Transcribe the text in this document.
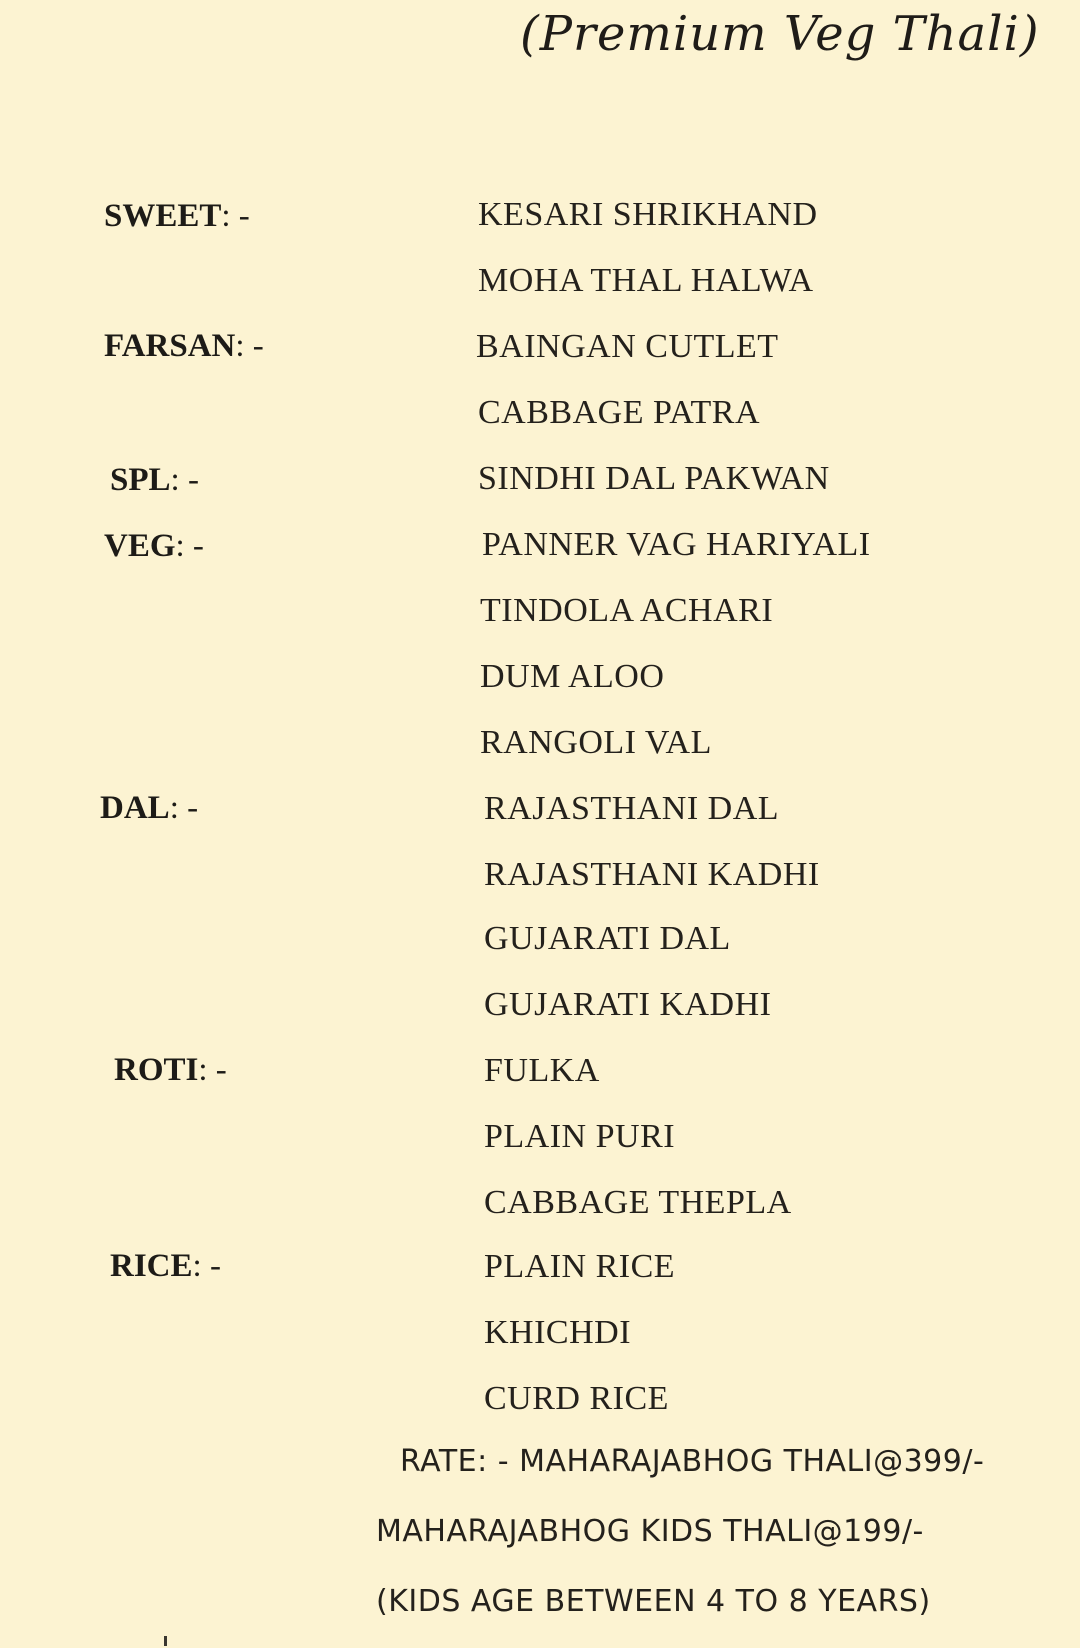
(Premium Veg Thali)
SWEET: -	KESARI SHRIKHAND
MOHA THAL HALWA
FARSAN: -	BAINGAN CUTLET
CABBAGE PATRA
SPL: -	SINDHI DAL PAKWAN
VEG: -	PANNER VAG HARIYALI
TINDOLA ACHARI
DUM ALOO
RANGOLI VAL
DAL: -	RAJASTHANI DAL
RAJASTHANI KADHI
GUJARATI DAL
GUJARATI KADHI
ROTI: -	FULKA
PLAIN PURI
CABBAGE THEPLA
RICE: -	PLAIN RICE
KHICHDI
CURD RICE
RATE: - MAHARAJABHOG THALI@399/-
MAHARAJABHOG KIDS THALI@199/-
(KIDS AGE BETWEEN 4 TO 8 YEARS)
